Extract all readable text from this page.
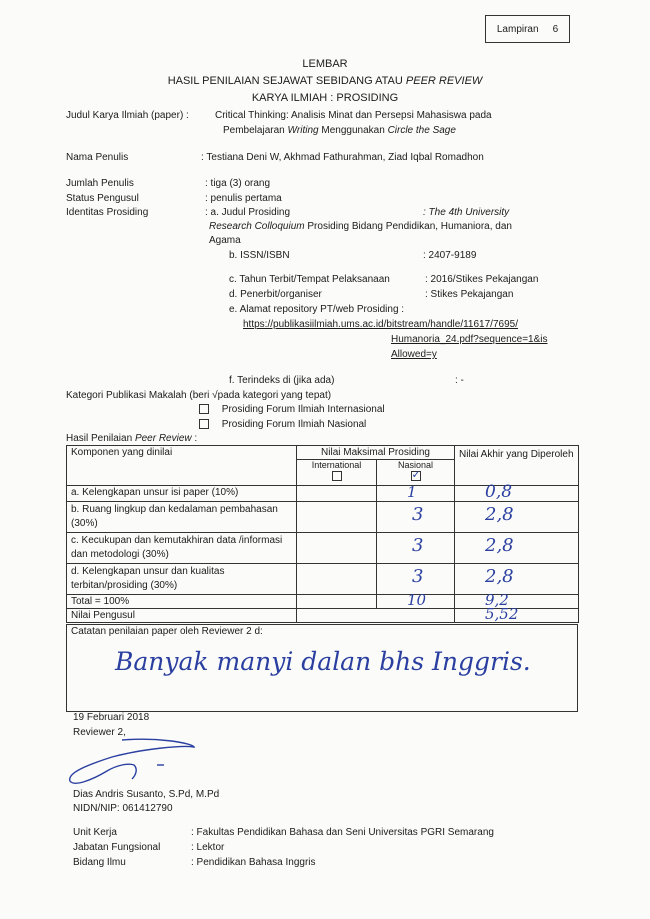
Lampiran 6
LEMBAR
HASIL PENILAIAN SEJAWAT SEBIDANG ATAU PEER REVIEW
KARYA ILMIAH : PROSIDING
Judul Karya Ilmiah (paper) :	Critical Thinking: Analisis Minat dan Persepsi Mahasiswa pada
Pembelajaran Writing Menggunakan Circle the Sage
Nama Penulis	: Testiana Deni W, Akhmad Fathurahman, Ziad Iqbal Romadhon
Jumlah Penulis	: tiga (3) orang
Status Pengusul	: penulis pertama
Identitas Prosiding	: a. Judul Prosiding	: The 4th University
Research Colloquium Prosiding Bidang Pendidikan, Humaniora, dan
Agama
b. ISSN/ISBN	: 2407-9189
c. Tahun Terbit/Tempat Pelaksanaan	: 2016/Stikes Pekajangan
d. Penerbit/organiser	: Stikes Pekajangan
e. Alamat repository PT/web Prosiding :
https://publikasiilmiah.ums.ac.id/bitstream/handle/11617/7695/
Humanoria_24.pdf?sequence=1&is
Allowed=y
f. Terindeks di (jika ada)	: -
Kategori Publikasi Makalah (beri √pada kategori yang tepat)
Prosiding Forum Ilmiah Internasional
Prosiding Forum Ilmiah Nasional
Hasil Penilaian Peer Review :
Komponen yang dinilai	Nilai Maksimal Prosiding		Nilai Akhir yang Diperoleh

	International	Nasional
✓	

a. Kelengkapan unsur isi paper (10%)		1	0,8

b. Ruang lingkup dan kedalaman pembahasan (30%)		3	2,8

c. Kecukupan dan kemutakhiran data /informasi dan metodologi (30%)		3	2,8

d. Kelengkapan unsur dan kualitas terbitan/prosiding (30%)		3	2,8

Total = 100%		10	9,2

Nilai Pengusul			5,52
Catatan penilaian paper oleh Reviewer 2 d:
Banyak manyi dalan bhs Inggris.
19 Februari 2018
Reviewer 2,
Dias Andris Susanto, S.Pd, M.Pd
NIDN/NIP: 061412790
Unit Kerja	: Fakultas Pendidikan Bahasa dan Seni Universitas PGRI Semarang
Jabatan Fungsional	: Lektor
Bidang Ilmu	: Pendidikan Bahasa Inggris
